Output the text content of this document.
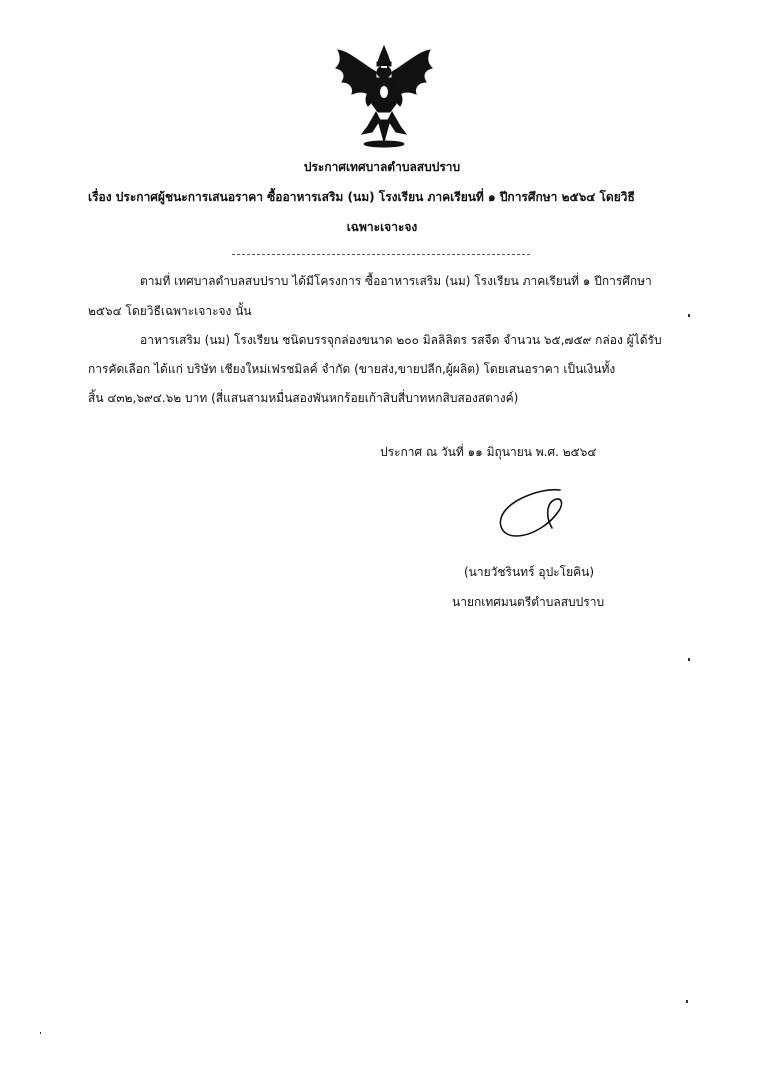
ประกาศเทศบาลตำบลสบปราบ
เรื่อง ประกาศผู้ชนะการเสนอราคา ซื้ออาหารเสริม (นม) โรงเรียน ภาคเรียนที่ ๑ ปีการศึกษา ๒๕๖๔ โดยวิธี
เฉพาะเจาะจง
ตามที่ เทศบาลตำบลสบปราบ ได้มีโครงการ ซื้ออาหารเสริม (นม) โรงเรียน ภาคเรียนที่ ๑ ปีการศึกษา
๒๕๖๔ โดยวิธีเฉพาะเจาะจง นั้น
อาหารเสริม (นม) โรงเรียน ชนิดบรรจุกล่องขนาด ๒๐๐ มิลลิลิตร รสจืด จำนวน ๖๕,๗๕๙ กล่อง ผู้ได้รับ
การคัดเลือก ได้แก่ บริษัท เชียงใหม่เฟรชมิลค์ จำกัด (ขายส่ง,ขายปลีก,ผู้ผลิต) โดยเสนอราคา เป็นเงินทั้ง
สิ้น ๔๓๒,๖๙๔.๖๒ บาท (สี่แสนสามหมื่นสองพันหกร้อยเก้าสิบสี่บาทหกสิบสองสตางค์)
ประกาศ ณ วันที่ ๑๑ มิถุนายน พ.ศ. ๒๕๖๔
(นายวัชรินทร์ อุปะโยคิน)
นายกเทศมนตรีตำบลสบปราบ
